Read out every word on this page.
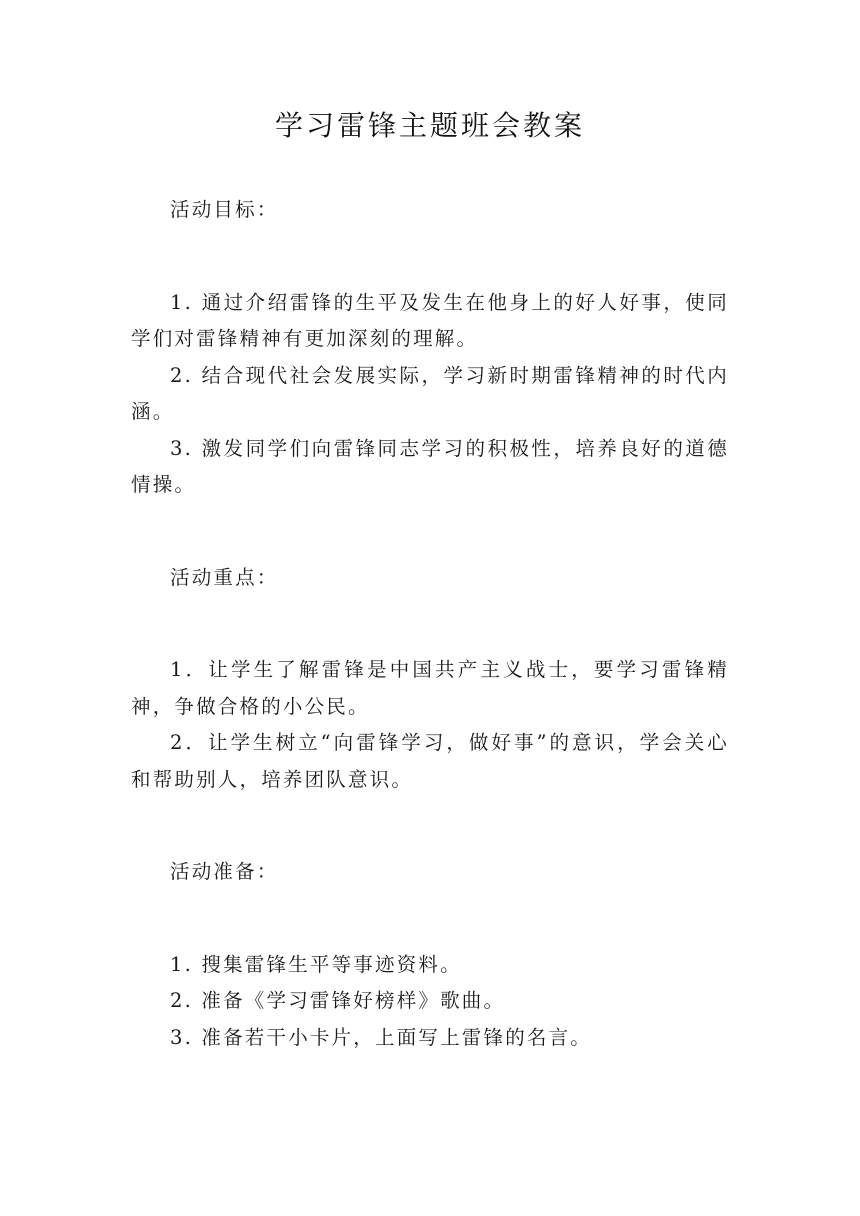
学习雷锋主题班会教案

活动目标：

1. 通过介绍雷锋的生平及发生在他身上的好人好事，使同学们对雷锋精神有更加深刻的理解。

2. 结合现代社会发展实际，学习新时期雷锋精神的时代内涵。

3. 激发同学们向雷锋同志学习的积极性，培养良好的道德情操。

活动重点：

1．让学生了解雷锋是中国共产主义战士，要学习雷锋精神，争做合格的小公民。

2．让学生树立“向雷锋学习，做好事”的意识，学会关心和帮助别人，培养团队意识。

活动准备：

1. 搜集雷锋生平等事迹资料。

2. 准备《学习雷锋好榜样》歌曲。

3. 准备若干小卡片，上面写上雷锋的名言。
